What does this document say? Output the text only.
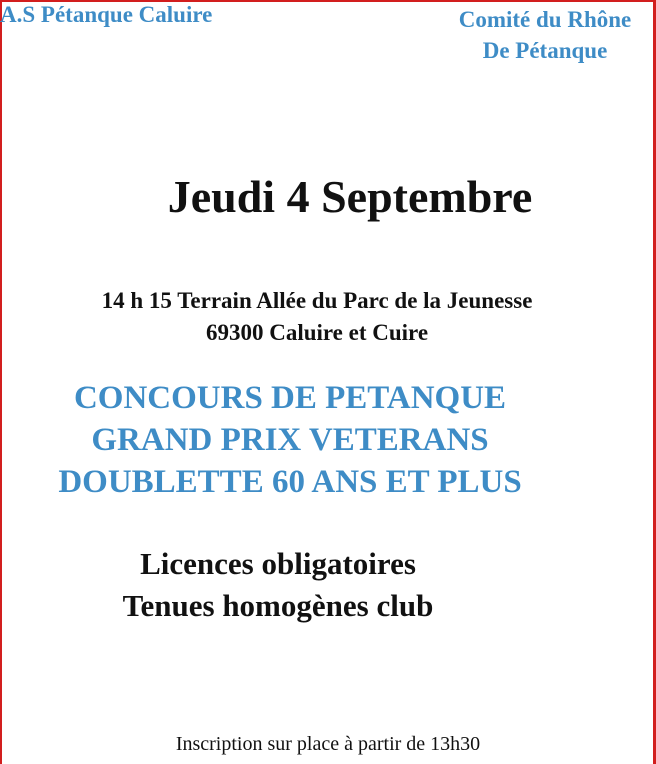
A.S Pétanque Caluire	Comité du Rhône
De Pétanque
Jeudi 4 Septembre
14 h 15 Terrain Allée du Parc de la Jeunesse
69300 Caluire et Cuire
CONCOURS DE PETANQUE
GRAND PRIX VETERANS
DOUBLETTE 60 ANS ET PLUS
Licences obligatoires
Tenues homogènes club

Inscription sur place à partir de 13h30
